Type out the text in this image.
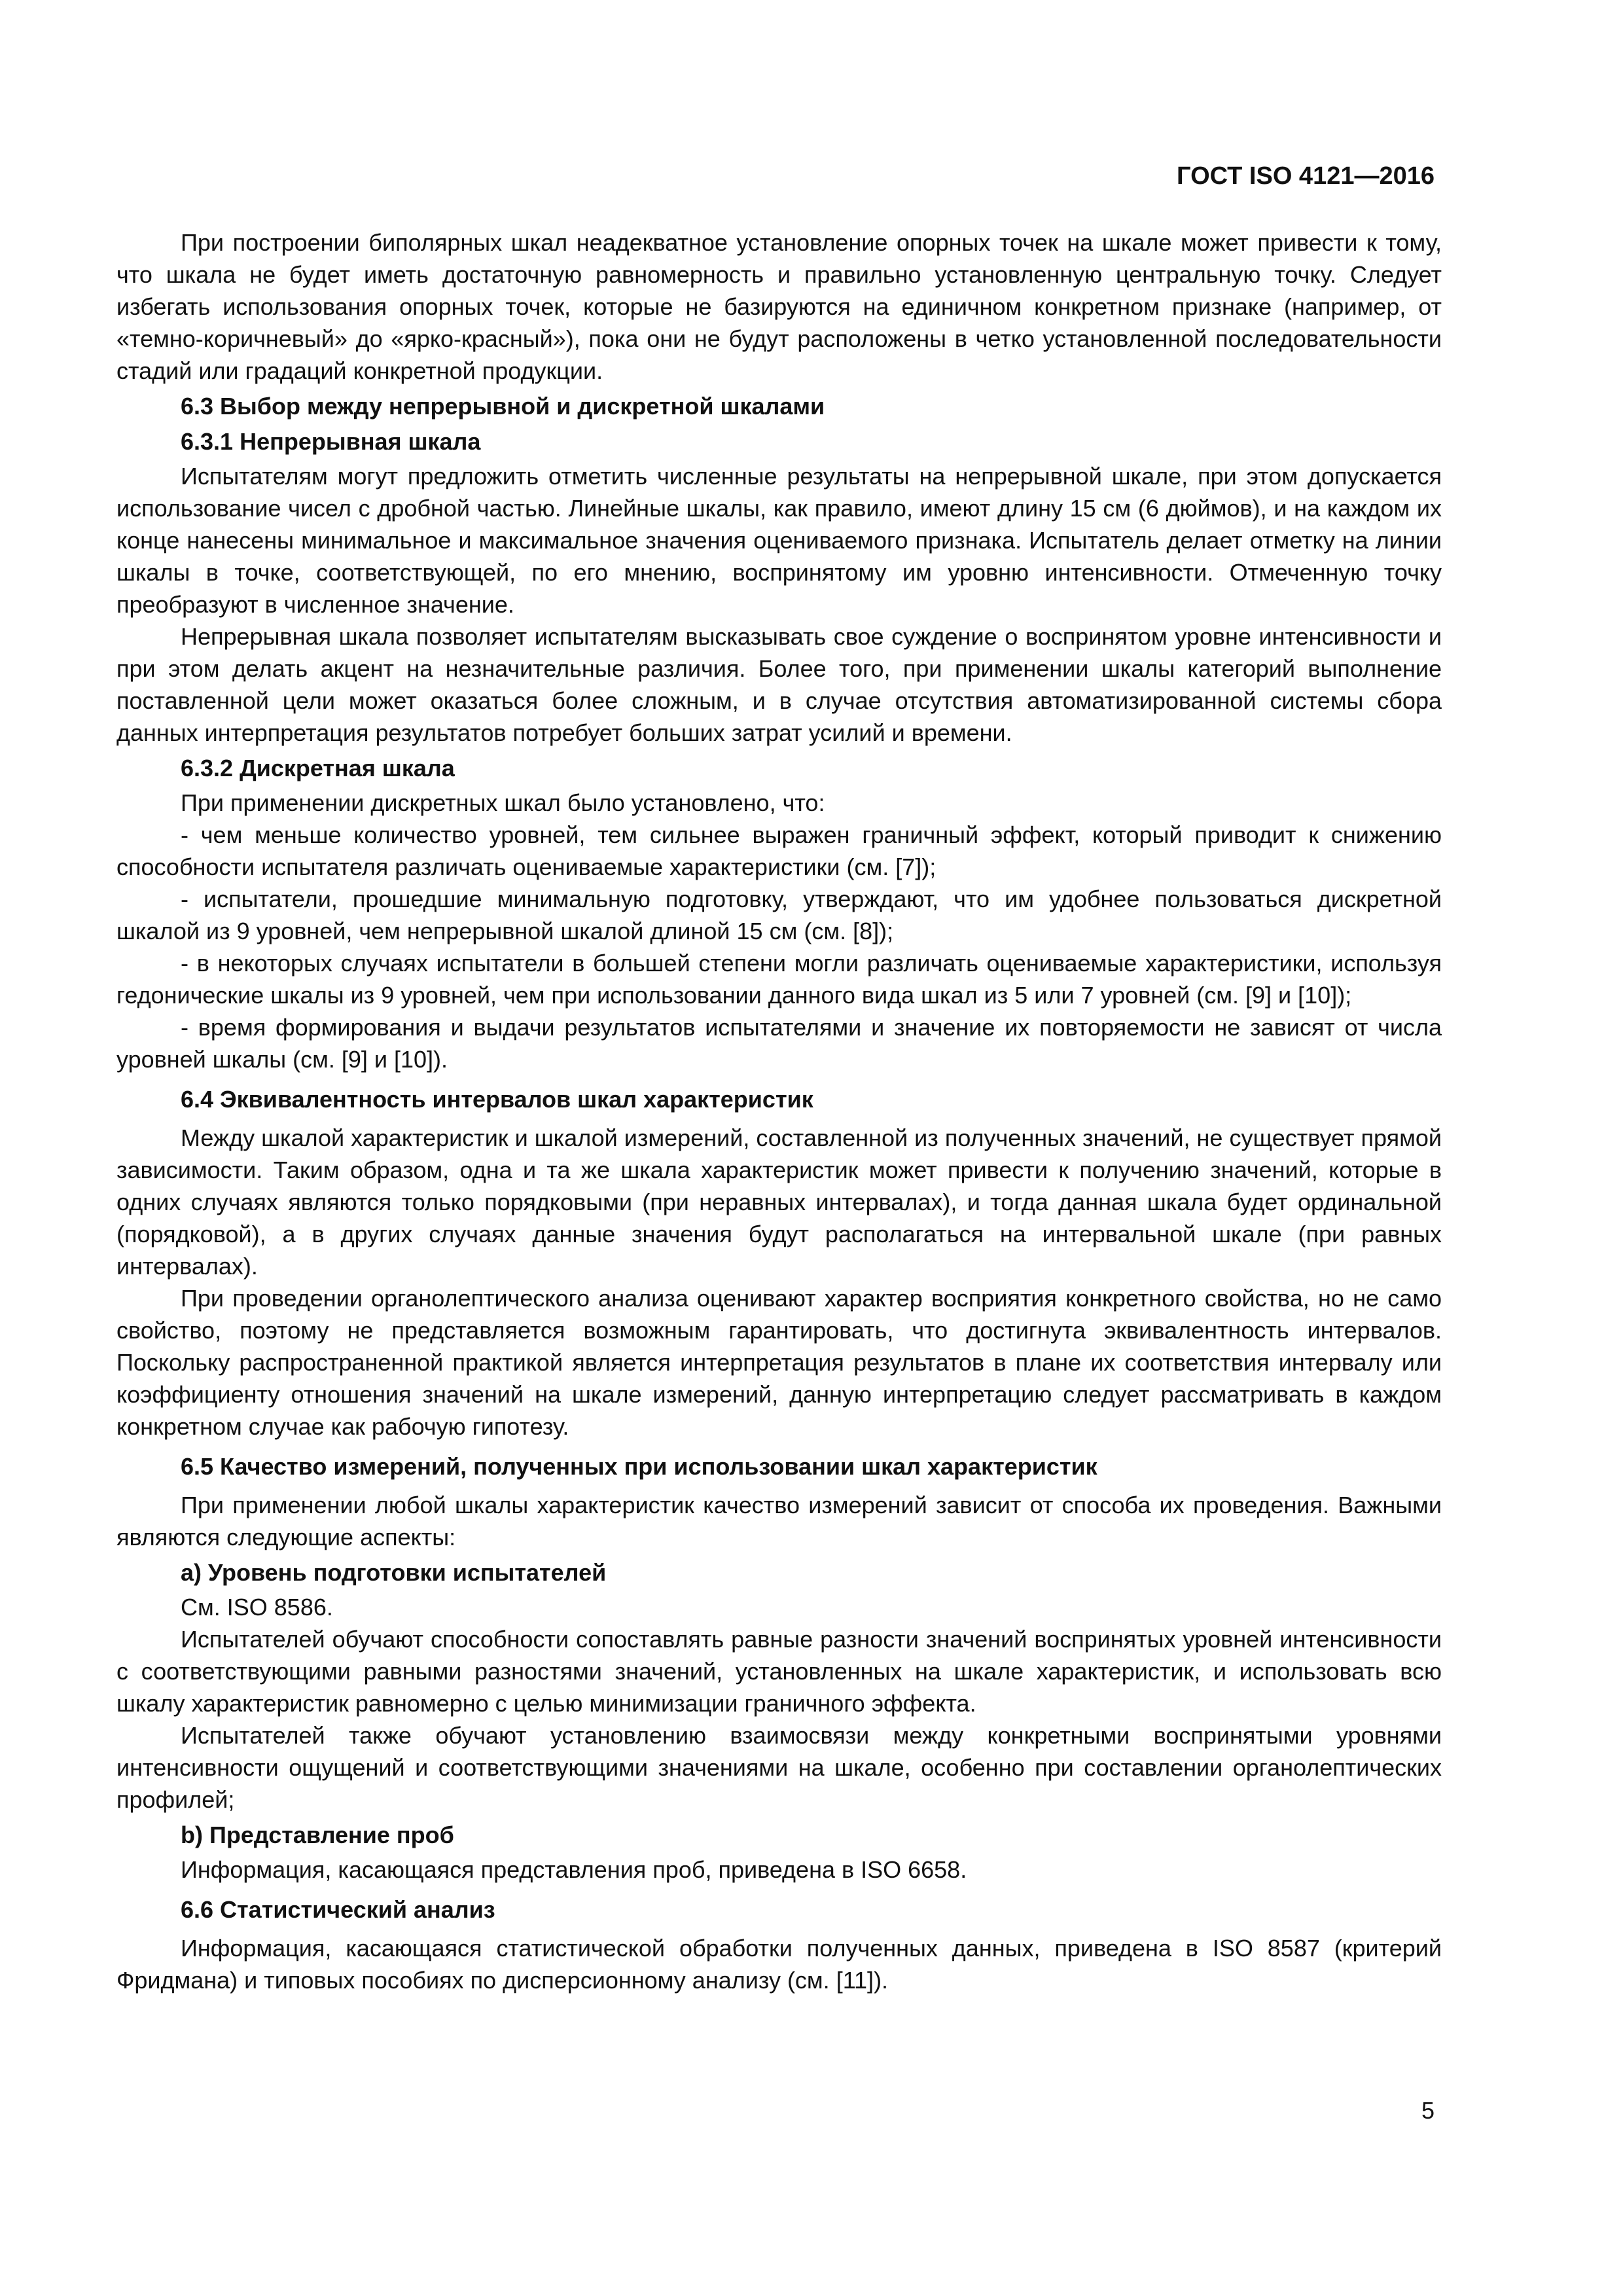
ГОСТ ISO 4121—2016

При построении биполярных шкал неадекватное установление опорных точек на шкале может привести к тому, что шкала не будет иметь достаточную равномерность и правильно установленную центральную точку. Следует избегать использования опорных точек, которые не базируются на единичном конкретном признаке (например, от «темно-коричневый» до «ярко-красный»), пока они не будут расположены в четко установленной последовательности стадий или градаций конкретной продукции.

6.3 Выбор между непрерывной и дискретной шкалами
6.3.1 Непрерывная шкала

Испытателям могут предложить отметить численные результаты на непрерывной шкале, при этом допускается использование чисел с дробной частью. Линейные шкалы, как правило, имеют длину 15 см (6 дюймов), и на каждом их конце нанесены минимальное и максимальное значения оцениваемого признака. Испытатель делает отметку на линии шкалы в точке, соответствующей, по его мнению, воспринятому им уровню интенсивности. Отмеченную точку преобразуют в численное значение.

Непрерывная шкала позволяет испытателям высказывать свое суждение о воспринятом уровне интенсивности и при этом делать акцент на незначительные различия. Более того, при применении шкалы категорий выполнение поставленной цели может оказаться более сложным, и в случае отсутствия автоматизированной системы сбора данных интерпретация результатов потребует больших затрат усилий и времени.

6.3.2 Дискретная шкала

При применении дискретных шкал было установлено, что:

- чем меньше количество уровней, тем сильнее выражен граничный эффект, который приводит к снижению способности испытателя различать оцениваемые характеристики (см. [7]);

- испытатели, прошедшие минимальную подготовку, утверждают, что им удобнее пользоваться дискретной шкалой из 9 уровней, чем непрерывной шкалой длиной 15 см (см. [8]);

- в некоторых случаях испытатели в большей степени могли различать оцениваемые характеристики, используя гедонические шкалы из 9 уровней, чем при использовании данного вида шкал из 5 или 7 уровней (см. [9] и [10]);

- время формирования и выдачи результатов испытателями и значение их повторяемости не зависят от числа уровней шкалы (см. [9] и [10]).

6.4 Эквивалентность интервалов шкал характеристик

Между шкалой характеристик и шкалой измерений, составленной из полученных значений, не существует прямой зависимости. Таким образом, одна и та же шкала характеристик может привести к получению значений, которые в одних случаях являются только порядковыми (при неравных интервалах), и тогда данная шкала будет ординальной (порядковой), а в других случаях данные значения будут располагаться на интервальной шкале (при равных интервалах).

При проведении органолептического анализа оценивают характер восприятия конкретного свойства, но не само свойство, поэтому не представляется возможным гарантировать, что достигнута эквивалентность интервалов. Поскольку распространенной практикой является интерпретация результатов в плане их соответствия интервалу или коэффициенту отношения значений на шкале измерений, данную интерпретацию следует рассматривать в каждом конкретном случае как рабочую гипотезу.

6.5 Качество измерений, полученных при использовании шкал характеристик

При применении любой шкалы характеристик качество измерений зависит от способа их проведения. Важными являются следующие аспекты:

a) Уровень подготовки испытателей

См. ISO 8586.

Испытателей обучают способности сопоставлять равные разности значений воспринятых уровней интенсивности с соответствующими равными разностями значений, установленных на шкале характеристик, и использовать всю шкалу характеристик равномерно с целью минимизации граничного эффекта.

Испытателей также обучают установлению взаимосвязи между конкретными воспринятыми уровнями интенсивности ощущений и соответствующими значениями на шкале, особенно при составлении органолептических профилей;

b) Представление проб

Информация, касающаяся представления проб, приведена в ISO 6658.

6.6 Статистический анализ

Информация, касающаяся статистической обработки полученных данных, приведена в ISO 8587 (критерий Фридмана) и типовых пособиях по дисперсионному анализу (см. [11]).

5
